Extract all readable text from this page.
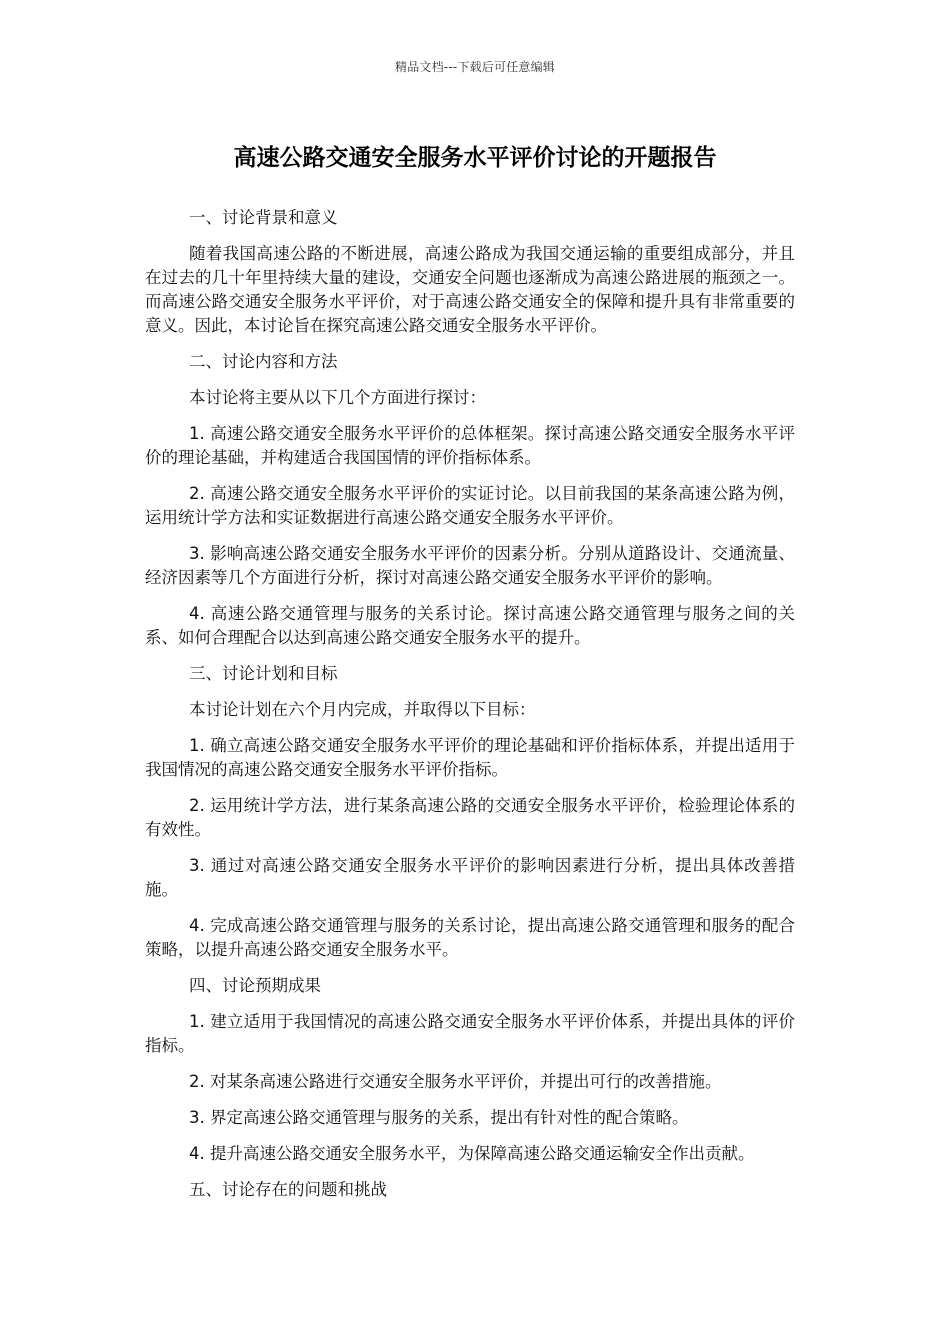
精品文档---下载后可任意编辑
高速公路交通安全服务水平评价讨论的开题报告

一、讨论背景和意义

随着我国高速公路的不断进展，高速公路成为我国交通运输的重要组成部分，并且在过去的几十年里持续大量的建设，交通安全问题也逐渐成为高速公路进展的瓶颈之一。而高速公路交通安全服务水平评价，对于高速公路交通安全的保障和提升具有非常重要的意义。因此，本讨论旨在探究高速公路交通安全服务水平评价。

二、讨论内容和方法

本讨论将主要从以下几个方面进行探讨：

1. 高速公路交通安全服务水平评价的总体框架。探讨高速公路交通安全服务水平评价的理论基础，并构建适合我国国情的评价指标体系。

2. 高速公路交通安全服务水平评价的实证讨论。以目前我国的某条高速公路为例，运用统计学方法和实证数据进行高速公路交通安全服务水平评价。

3. 影响高速公路交通安全服务水平评价的因素分析。分别从道路设计、交通流量、经济因素等几个方面进行分析，探讨对高速公路交通安全服务水平评价的影响。

4. 高速公路交通管理与服务的关系讨论。探讨高速公路交通管理与服务之间的关系、如何合理配合以达到高速公路交通安全服务水平的提升。

三、讨论计划和目标

本讨论计划在六个月内完成，并取得以下目标：

1. 确立高速公路交通安全服务水平评价的理论基础和评价指标体系，并提出适用于我国情况的高速公路交通安全服务水平评价指标。

2. 运用统计学方法，进行某条高速公路的交通安全服务水平评价，检验理论体系的有效性。

3. 通过对高速公路交通安全服务水平评价的影响因素进行分析，提出具体改善措施。

4. 完成高速公路交通管理与服务的关系讨论，提出高速公路交通管理和服务的配合策略，以提升高速公路交通安全服务水平。

四、讨论预期成果

1. 建立适用于我国情况的高速公路交通安全服务水平评价体系，并提出具体的评价指标。

2. 对某条高速公路进行交通安全服务水平评价，并提出可行的改善措施。

3. 界定高速公路交通管理与服务的关系，提出有针对性的配合策略。

4. 提升高速公路交通安全服务水平，为保障高速公路交通运输安全作出贡献。

五、讨论存在的问题和挑战
